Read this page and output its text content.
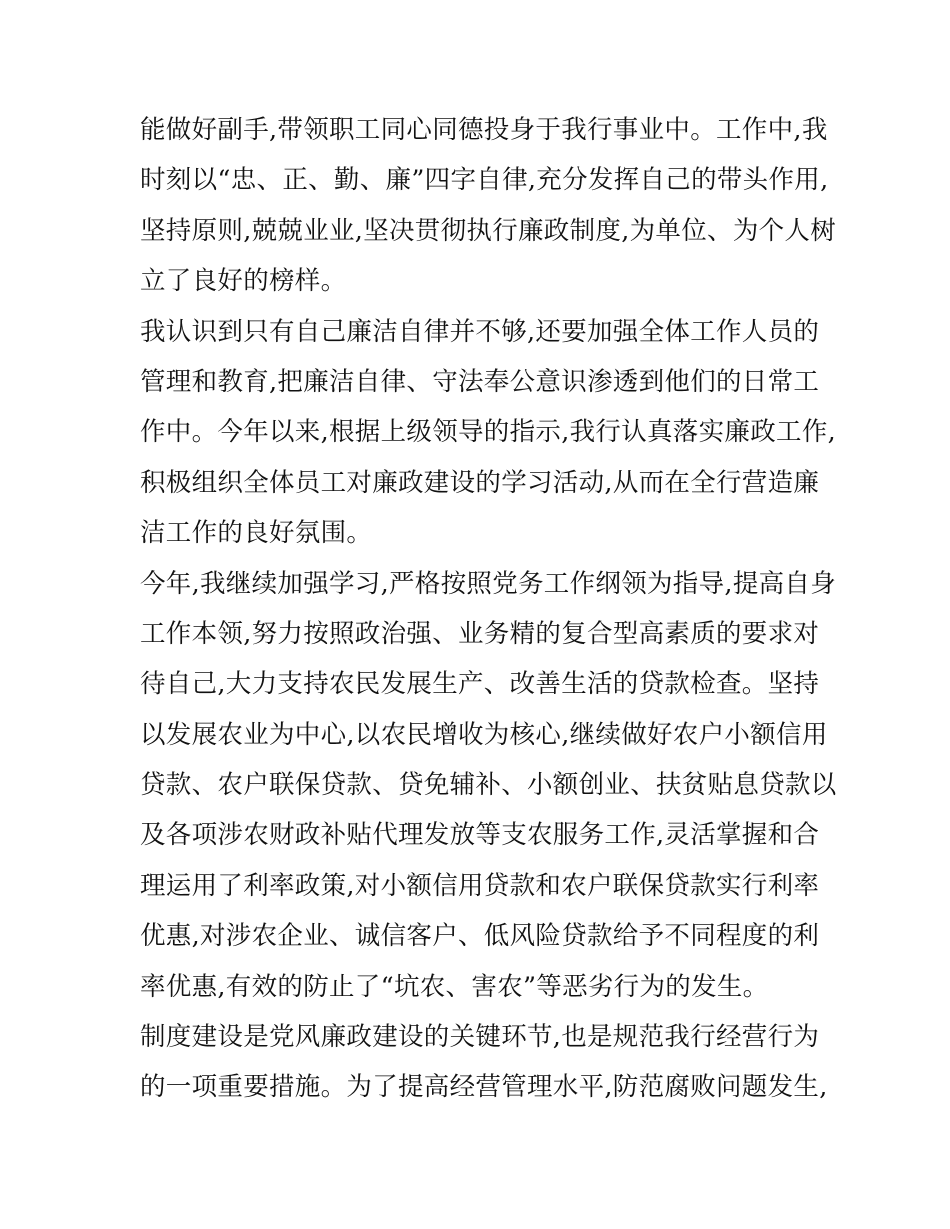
能做好副手,带领职工同心同德投身于我行事业中。工作中,我
时刻以“忠、正、勤、廉”四字自律,充分发挥自己的带头作用,
坚持原则,兢兢业业,坚决贯彻执行廉政制度,为单位、为个人树
立了良好的榜样。
我认识到只有自己廉洁自律并不够,还要加强全体工作人员的
管理和教育,把廉洁自律、守法奉公意识渗透到他们的日常工
作中。今年以来,根据上级领导的指示,我行认真落实廉政工作,
积极组织全体员工对廉政建设的学习活动,从而在全行营造廉
洁工作的良好氛围。
今年,我继续加强学习,严格按照党务工作纲领为指导,提高自身
工作本领,努力按照政治强、业务精的复合型高素质的要求对
待自己,大力支持农民发展生产、改善生活的贷款检查。坚持
以发展农业为中心,以农民增收为核心,继续做好农户小额信用
贷款、农户联保贷款、贷免辅补、小额创业、扶贫贴息贷款以
及各项涉农财政补贴代理发放等支农服务工作,灵活掌握和合
理运用了利率政策,对小额信用贷款和农户联保贷款实行利率
优惠,对涉农企业、诚信客户、低风险贷款给予不同程度的利
率优惠,有效的防止了“坑农、害农”等恶劣行为的发生。
制度建设是党风廉政建设的关键环节,也是规范我行经营行为
的一项重要措施。为了提高经营管理水平,防范腐败问题发生,
